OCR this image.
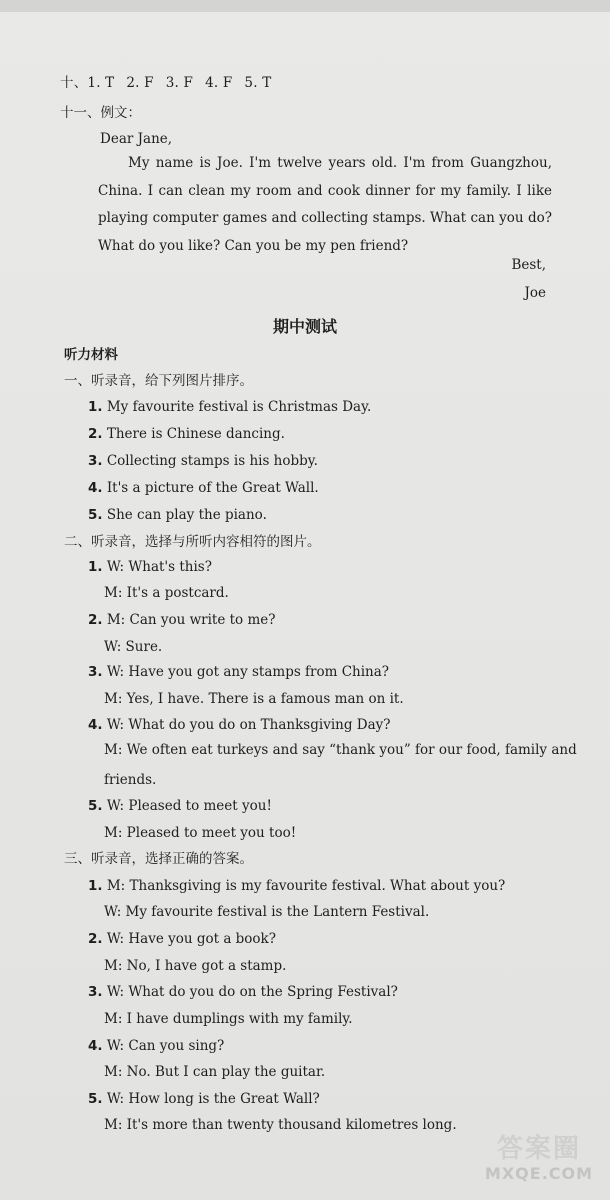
十、1. T 2. F 3. F 4. F 5. T
十一、例文：
Dear Jane,
My name is Joe. I'm twelve years old. I'm from Guangzhou, China. I can clean my room and cook dinner for my family. I like playing computer games and collecting stamps. What can you do? What do you like? Can you be my pen friend?
Best,
Joe
期中测试
听力材料
一、听录音，给下列图片排序。
1. My favourite festival is Christmas Day.
2. There is Chinese dancing.
3. Collecting stamps is his hobby.
4. It's a picture of the Great Wall.
5. She can play the piano.
二、听录音，选择与所听内容相符的图片。
1. W: What's this?
M: It's a postcard.
2. M: Can you write to me?
W: Sure.
3. W: Have you got any stamps from China?
M: Yes, I have. There is a famous man on it.
4. W: What do you do on Thanksgiving Day?
M: We often eat turkeys and say “thank you” for our food, family and
friends.
5. W: Pleased to meet you!
M: Pleased to meet you too!
三、听录音，选择正确的答案。
1. M: Thanksgiving is my favourite festival. What about you?
W: My favourite festival is the Lantern Festival.
2. W: Have you got a book?
M: No, I have got a stamp.
3. W: What do you do on the Spring Festival?
M: I have dumplings with my family.
4. W: Can you sing?
M: No. But I can play the guitar.
5. W: How long is the Great Wall?
M: It's more than twenty thousand kilometres long.
答案圈
MXQE.COM
